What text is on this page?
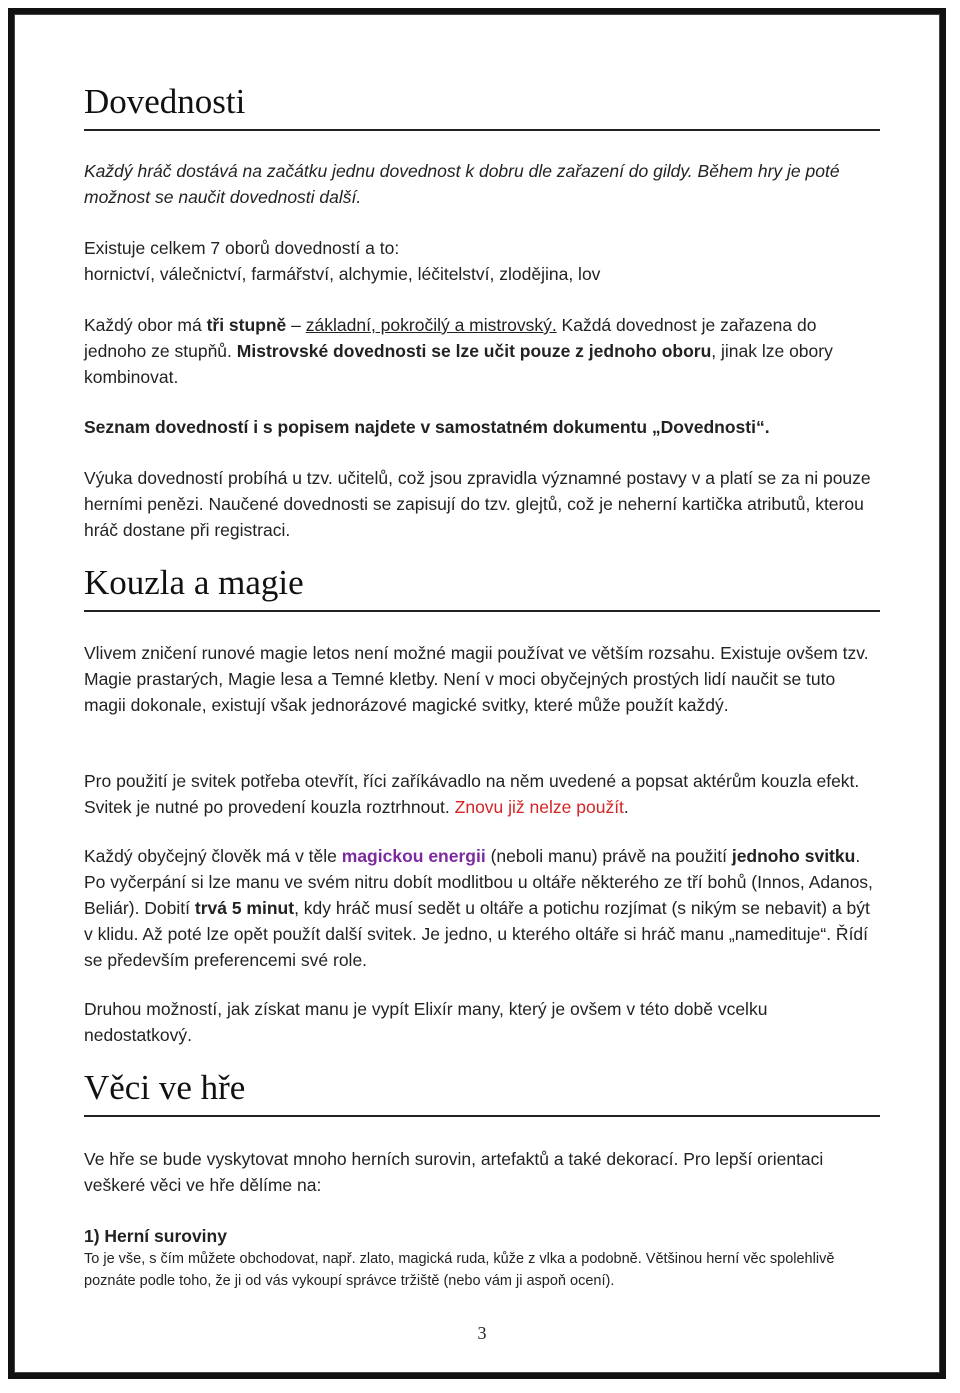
Dovednosti

Každý hráč dostává na začátku jednu dovednost k dobru dle zařazení do gildy. Během hry je poté možnost se naučit dovednosti další.

Existuje celkem 7 oborů dovedností a to:

hornictví, válečnictví, farmářství, alchymie, léčitelství, zlodějina, lov

Každý obor má tři stupně – základní, pokročilý a mistrovský. Každá dovednost je zařazena do jednoho ze stupňů. Mistrovské dovednosti se lze učit pouze z jednoho oboru, jinak lze obory kombinovat.

Seznam dovedností i s popisem najdete v samostatném dokumentu „Dovednosti“.

Výuka dovedností probíhá u tzv. učitelů, což jsou zpravidla významné postavy v a platí se za ni pouze herními penězi. Naučené dovednosti se zapisují do tzv. glejtů, což je neherní kartička atributů, kterou hráč dostane při registraci.

Kouzla a magie

Vlivem zničení runové magie letos není možné magii používat ve větším rozsahu. Existuje ovšem tzv. Magie prastarých, Magie lesa a Temné kletby. Není v moci obyčejných prostých lidí naučit se tuto magii dokonale, existují však jednorázové magické svitky, které může použít každý.

Pro použití je svitek potřeba otevřít, říci zaříkávadlo na něm uvedené a popsat aktérům kouzla efekt. Svitek je nutné po provedení kouzla roztrhnout. Znovu již nelze použít.

Každý obyčejný člověk má v těle magickou energii (neboli manu) právě na použití jednoho svitku. Po vyčerpání si lze manu ve svém nitru dobít modlitbou u oltáře některého ze tří bohů (Innos, Adanos, Beliár). Dobití trvá 5 minut, kdy hráč musí sedět u oltáře a potichu rozjímat (s nikým se nebavit) a být v klidu. Až poté lze opět použít další svitek. Je jedno, u kterého oltáře si hráč manu „namedituje“. Řídí se především preferencemi své role.

Druhou možností, jak získat manu je vypít Elixír many, který je ovšem v této době vcelku nedostatkový.

Věci ve hře

Ve hře se bude vyskytovat mnoho herních surovin, artefaktů a také dekorací. Pro lepší orientaci veškeré věci ve hře dělíme na:

1) Herní suroviny

To je vše, s čím můžete obchodovat, např. zlato, magická ruda, kůže z vlka a podobně. Většinou herní věc spolehlivě poznáte podle toho, že ji od vás vykoupí správce tržiště (nebo vám ji aspoň ocení).

3
